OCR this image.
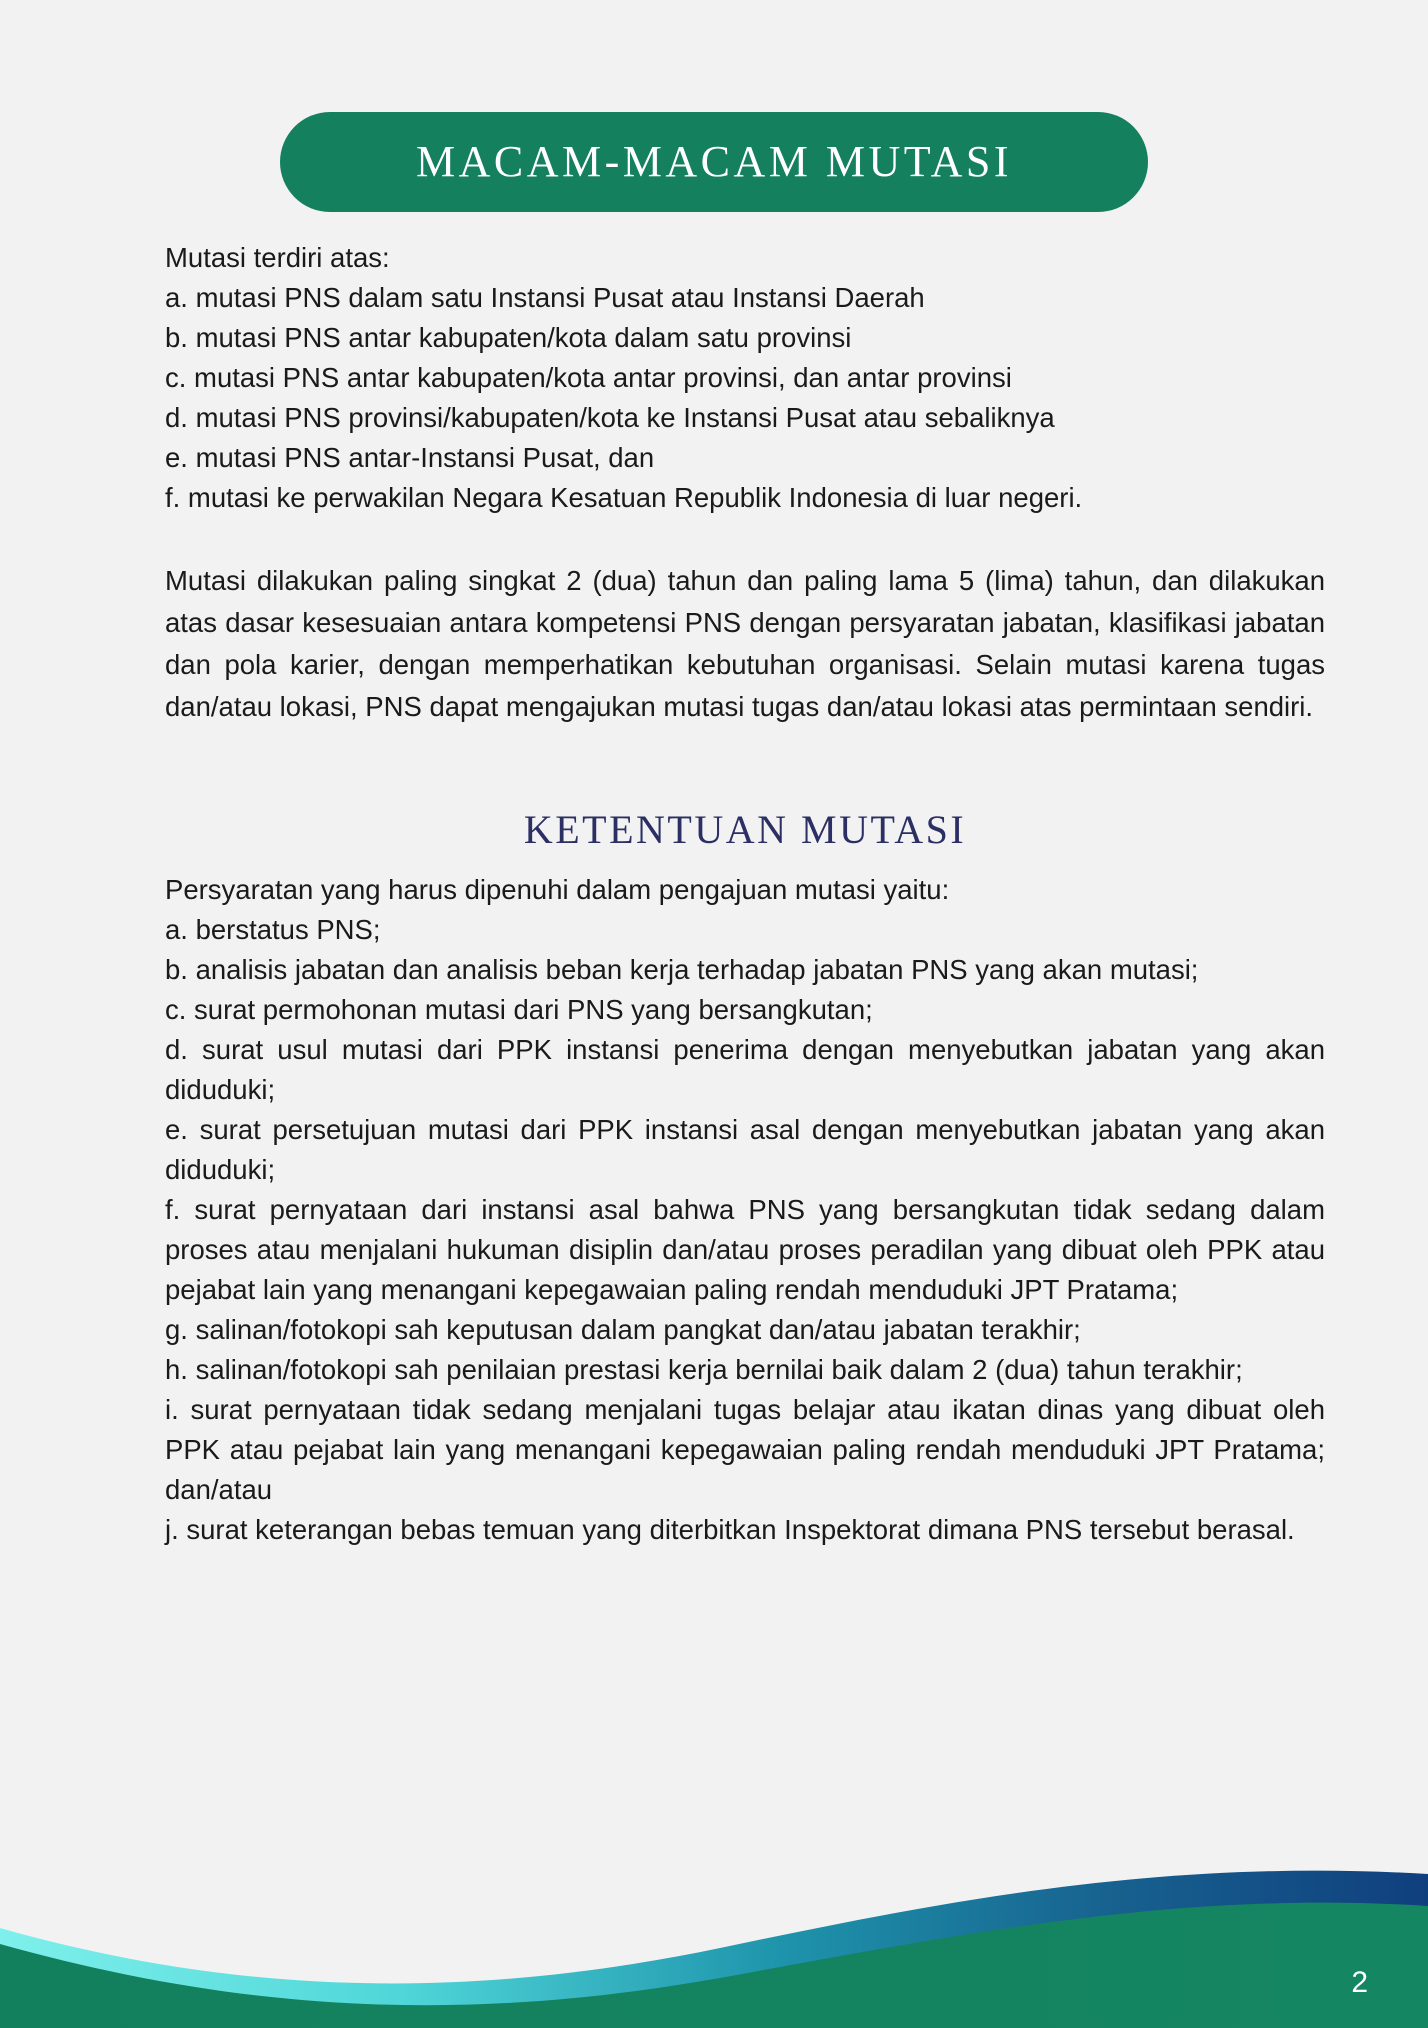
MACAM-MACAM MUTASI
Mutasi terdiri atas:
a. mutasi PNS dalam satu Instansi Pusat atau Instansi Daerah
b. mutasi PNS antar kabupaten/kota dalam satu provinsi
c. mutasi PNS antar kabupaten/kota antar provinsi, dan antar provinsi
d. mutasi PNS provinsi/kabupaten/kota ke Instansi Pusat atau sebaliknya
e. mutasi PNS antar-Instansi Pusat, dan
f. mutasi ke perwakilan Negara Kesatuan Republik Indonesia di luar negeri.
Mutasi dilakukan paling singkat 2 (dua) tahun dan paling lama 5 (lima) tahun, dan dilakukan atas dasar kesesuaian antara kompetensi PNS dengan persyaratan jabatan, klasifikasi jabatan dan pola karier, dengan memperhatikan kebutuhan organisasi. Selain mutasi karena tugas dan/atau lokasi, PNS dapat mengajukan mutasi tugas dan/atau lokasi atas permintaan sendiri.
KETENTUAN MUTASI
Persyaratan yang harus dipenuhi dalam pengajuan mutasi yaitu:
a. berstatus PNS;
b. analisis jabatan dan analisis beban kerja terhadap jabatan PNS yang akan mutasi;
c. surat permohonan mutasi dari PNS yang bersangkutan;
d. surat usul mutasi dari PPK instansi penerima dengan menyebutkan jabatan yang akan diduduki;
e. surat persetujuan mutasi dari PPK instansi asal dengan menyebutkan jabatan yang akan diduduki;
f. surat pernyataan dari instansi asal bahwa PNS yang bersangkutan tidak sedang dalam proses atau menjalani hukuman disiplin dan/atau proses peradilan yang dibuat oleh PPK atau pejabat lain yang menangani kepegawaian paling rendah menduduki JPT Pratama;
g. salinan/fotokopi sah keputusan dalam pangkat dan/atau jabatan terakhir;
h. salinan/fotokopi sah penilaian prestasi kerja bernilai baik dalam 2 (dua) tahun terakhir;
i. surat pernyataan tidak sedang menjalani tugas belajar atau ikatan dinas yang dibuat oleh PPK atau pejabat lain yang menangani kepegawaian paling rendah menduduki JPT Pratama; dan/atau
j. surat keterangan bebas temuan yang diterbitkan Inspektorat dimana PNS tersebut berasal.
2
